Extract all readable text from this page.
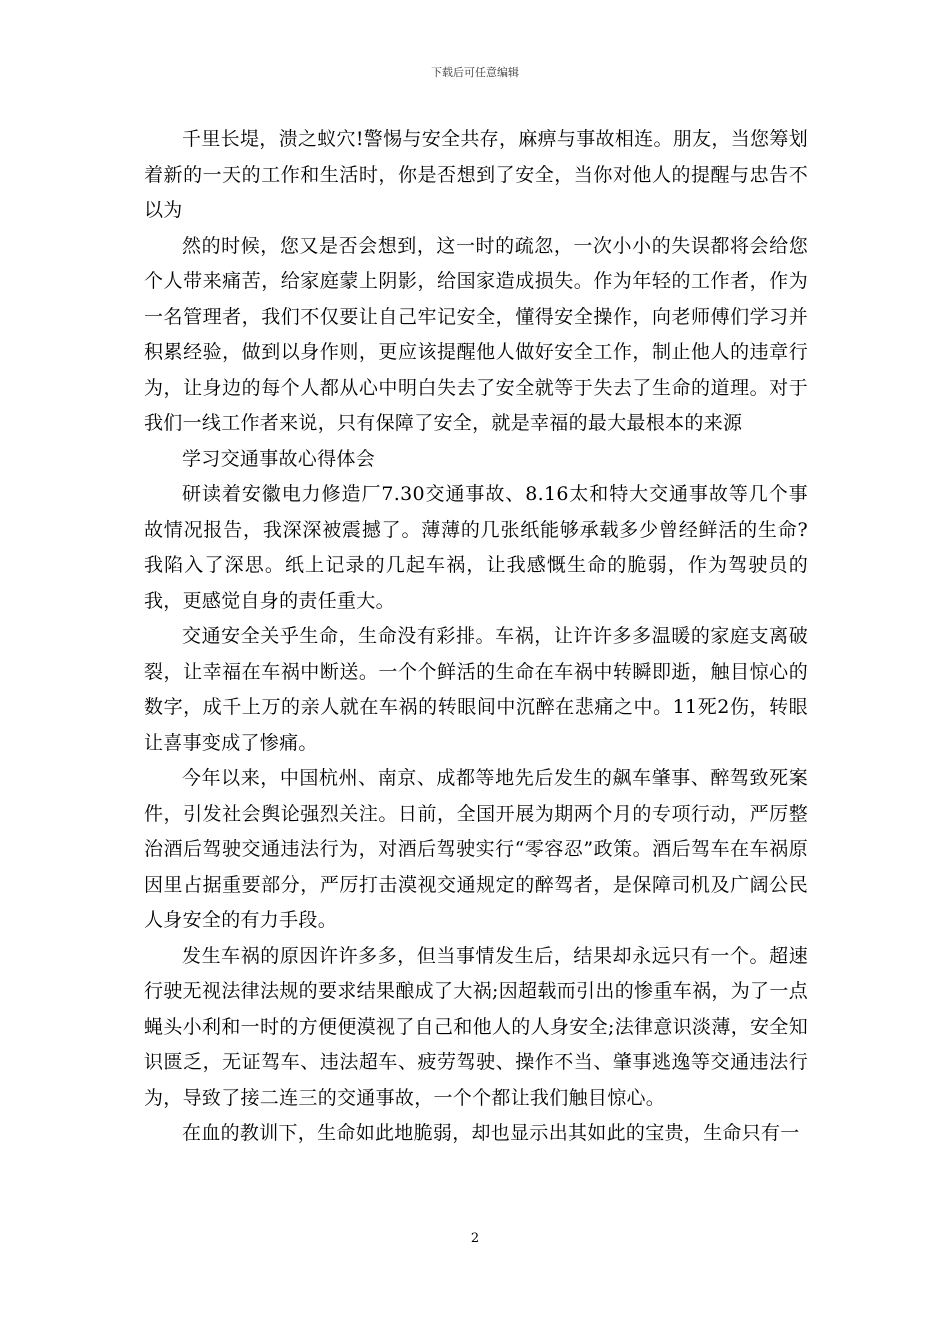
下载后可任意编辑

千里长堤，溃之蚁穴!警惕与安全共存，麻痹与事故相连。朋友，当您筹划着新的一天的工作和生活时，你是否想到了安全，当你对他人的提醒与忠告不以为

然的时候，您又是否会想到，这一时的疏忽，一次小小的失误都将会给您个人带来痛苦，给家庭蒙上阴影，给国家造成损失。作为年轻的工作者，作为一名管理者，我们不仅要让自己牢记安全，懂得安全操作，向老师傅们学习并积累经验，做到以身作则，更应该提醒他人做好安全工作，制止他人的违章行为，让身边的每个人都从心中明白失去了安全就等于失去了生命的道理。对于我们一线工作者来说，只有保障了安全，就是幸福的最大最根本的来源

学习交通事故心得体会

研读着安徽电力修造厂7.30交通事故、8.16太和特大交通事故等几个事故情况报告，我深深被震撼了。薄薄的几张纸能够承载多少曾经鲜活的生命?我陷入了深思。纸上记录的几起车祸，让我感慨生命的脆弱，作为驾驶员的我，更感觉自身的责任重大。

交通安全关乎生命，生命没有彩排。车祸，让许许多多温暖的家庭支离破裂，让幸福在车祸中断送。一个个鲜活的生命在车祸中转瞬即逝，触目惊心的数字，成千上万的亲人就在车祸的转眼间中沉醉在悲痛之中。11死2伤，转眼让喜事变成了惨痛。

今年以来，中国杭州、南京、成都等地先后发生的飙车肇事、醉驾致死案件，引发社会舆论强烈关注。日前，全国开展为期两个月的专项行动，严厉整治酒后驾驶交通违法行为，对酒后驾驶实行“零容忍”政策。酒后驾车在车祸原因里占据重要部分，严厉打击漠视交通规定的醉驾者，是保障司机及广阔公民人身安全的有力手段。

发生车祸的原因许许多多，但当事情发生后，结果却永远只有一个。超速行驶无视法律法规的要求结果酿成了大祸;因超载而引出的惨重车祸，为了一点蝇头小利和一时的方便便漠视了自己和他人的人身安全;法律意识淡薄，安全知识匮乏，无证驾车、违法超车、疲劳驾驶、操作不当、肇事逃逸等交通违法行为，导致了接二连三的交通事故，一个个都让我们触目惊心。

在血的教训下，生命如此地脆弱，却也显示出其如此的宝贵，生命只有一

2
